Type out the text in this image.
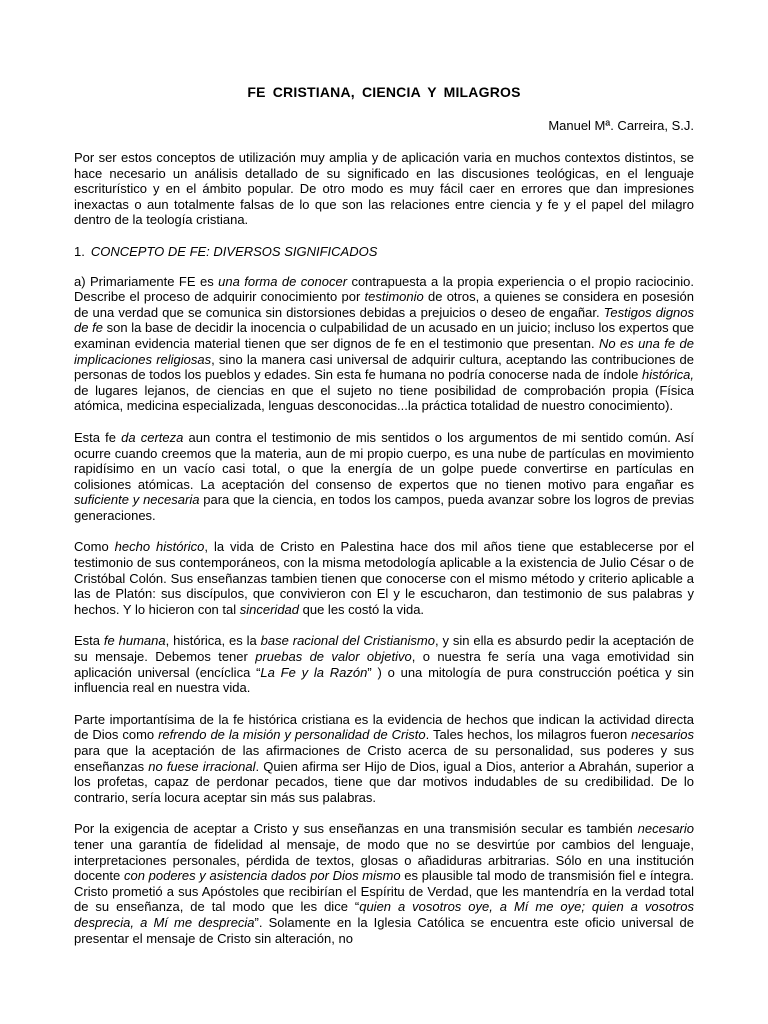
FE CRISTIANA, CIENCIA Y MILAGROS
Manuel Mª. Carreira, S.J.

Por ser estos conceptos de utilización muy amplia y de aplicación varia en muchos contextos distintos, se hace necesario un análisis detallado de su significado en las discusiones teológicas, en el lenguaje escriturístico y en el ámbito popular. De otro modo es muy fácil caer en errores que dan impresiones inexactas o aun totalmente falsas de lo que son las relaciones entre ciencia y fe y el papel del milagro dentro de la teología cristiana.

1. CONCEPTO DE FE: DIVERSOS SIGNIFICADOS

a) Primariamente FE es una forma de conocer contrapuesta a la propia experiencia o el propio raciocinio. Describe el proceso de adquirir conocimiento por testimonio de otros, a quienes se considera en posesión de una verdad que se comunica sin distorsiones debidas a prejuicios o deseo de engañar. Testigos dignos de fe son la base de decidir la inocencia o culpabilidad de un acusado en un juicio; incluso los expertos que examinan evidencia material tienen que ser dignos de fe en el testimonio que presentan. No es una fe de implicaciones religiosas, sino la manera casi universal de adquirir cultura, aceptando las contribuciones de personas de todos los pueblos y edades. Sin esta fe humana no podría conocerse nada de índole histórica, de lugares lejanos, de ciencias en que el sujeto no tiene posibilidad de comprobación propia (Física atómica, medicina especializada, lenguas desconocidas...la práctica totalidad de nuestro conocimiento).

Esta fe da certeza aun contra el testimonio de mis sentidos o los argumentos de mi sentido común. Así ocurre cuando creemos que la materia, aun de mi propio cuerpo, es una nube de partículas en movimiento rapidísimo en un vacío casi total, o que la energía de un golpe puede convertirse en partículas en colisiones atómicas. La aceptación del consenso de expertos que no tienen motivo para engañar es suficiente y necesaria para que la ciencia, en todos los campos, pueda avanzar sobre los logros de previas generaciones.

Como hecho histórico, la vida de Cristo en Palestina hace dos mil años tiene que establecerse por el testimonio de sus contemporáneos, con la misma metodología aplicable a la existencia de Julio César o de Cristóbal Colón. Sus enseñanzas tambien tienen que conocerse con el mismo método y criterio aplicable a las de Platón: sus discípulos, que convivieron con El y le escucharon, dan testimonio de sus palabras y hechos. Y lo hicieron con tal sinceridad que les costó la vida.

Esta fe humana, histórica, es la base racional del Cristianismo, y sin ella es absurdo pedir la aceptación de su mensaje. Debemos tener pruebas de valor objetivo, o nuestra fe sería una vaga emotividad sin aplicación universal (encíclica “La Fe y la Razón” ) o una mitología de pura construcción poética y sin influencia real en nuestra vida.

Parte importantísima de la fe histórica cristiana es la evidencia de hechos que indican la actividad directa de Dios como refrendo de la misión y personalidad de Cristo. Tales hechos, los milagros fueron necesarios para que la aceptación de las afirmaciones de Cristo acerca de su personalidad, sus poderes y sus enseñanzas no fuese irracional. Quien afirma ser Hijo de Dios, igual a Dios, anterior a Abrahán, superior a los profetas, capaz de perdonar pecados, tiene que dar motivos indudables de su credibilidad. De lo contrario, sería locura aceptar sin más sus palabras.

Por la exigencia de aceptar a Cristo y sus enseñanzas en una transmisión secular es también necesario tener una garantía de fidelidad al mensaje, de modo que no se desvirtúe por cambios del lenguaje, interpretaciones personales, pérdida de textos, glosas o añadiduras arbitrarias. Sólo en una institución docente con poderes y asistencia dados por Dios mismo es plausible tal modo de transmisión fiel e íntegra. Cristo prometió a sus Apóstoles que recibirían el Espíritu de Verdad, que les mantendría en la verdad total de su enseñanza, de tal modo que les dice “quien a vosotros oye, a Mí me oye; quien a vosotros desprecia, a Mí me desprecia”. Solamente en la Iglesia Católica se encuentra este oficio universal de presentar el mensaje de Cristo sin alteración, no
